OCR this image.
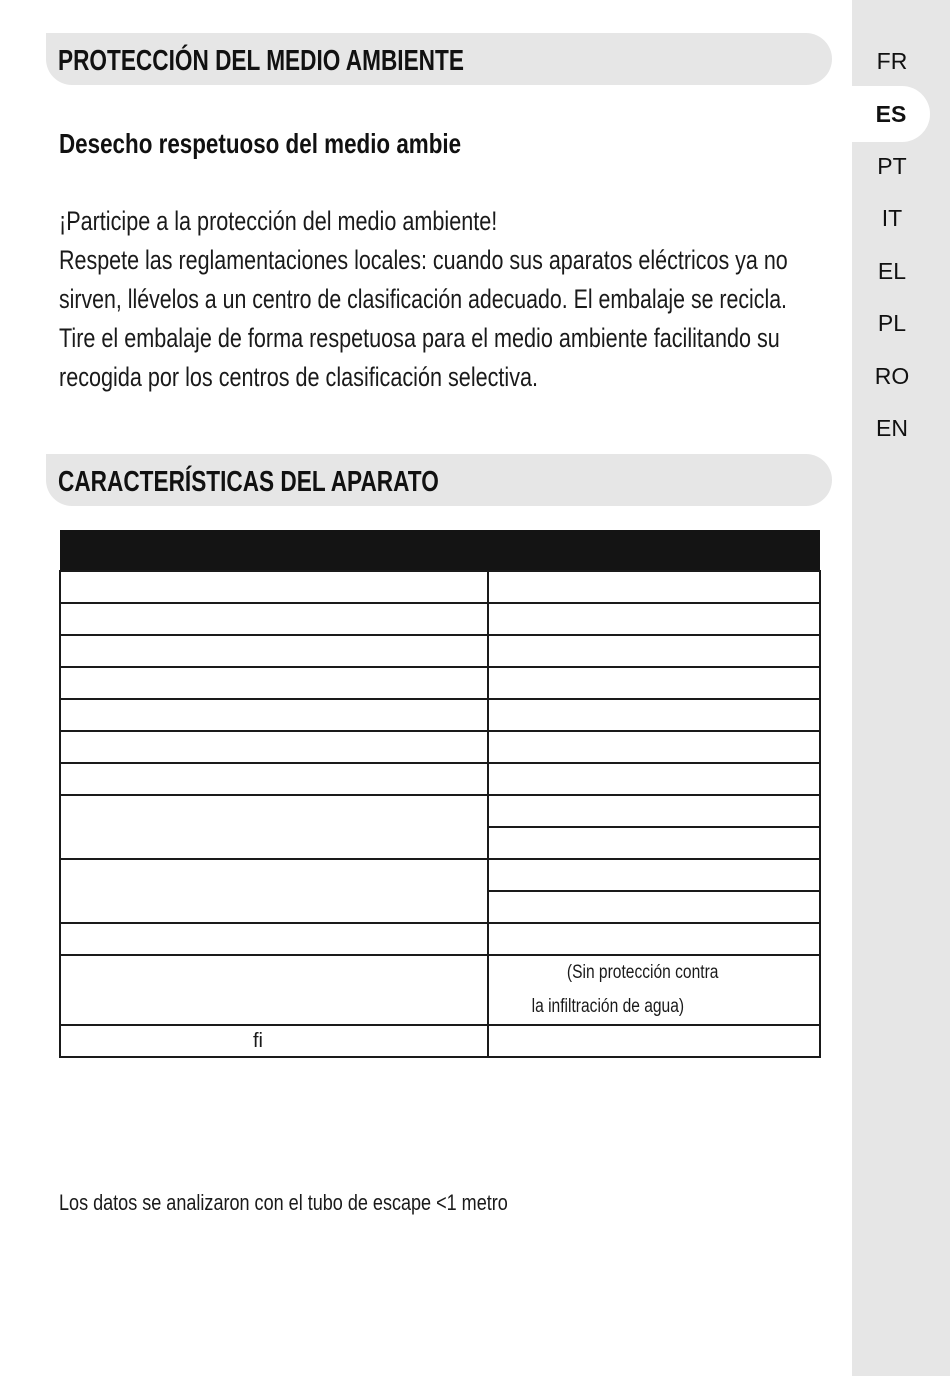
PROTECCIÓN DEL MEDIO AMBIENTE
Desecho respetuoso del medio ambie
¡Participe a la protección del medio ambiente!
Respete las reglamentaciones locales: cuando sus aparatos eléctricos ya no
sirven, llévelos a un centro de clasificación adecuado. El embalaje se recicla.
Tire el embalaje de forma respetuosa para el medio ambiente facilitando su
recogida por los centros de clasificación selectiva.
CARACTERÍSTICAS DEL APARATO

	(Sin protección contra
la infiltración de agua)

fi	

Los datos se analizaron con el tubo de escape <1 metro
FR
ES
PT
IT
EL
PL
RO
EN
